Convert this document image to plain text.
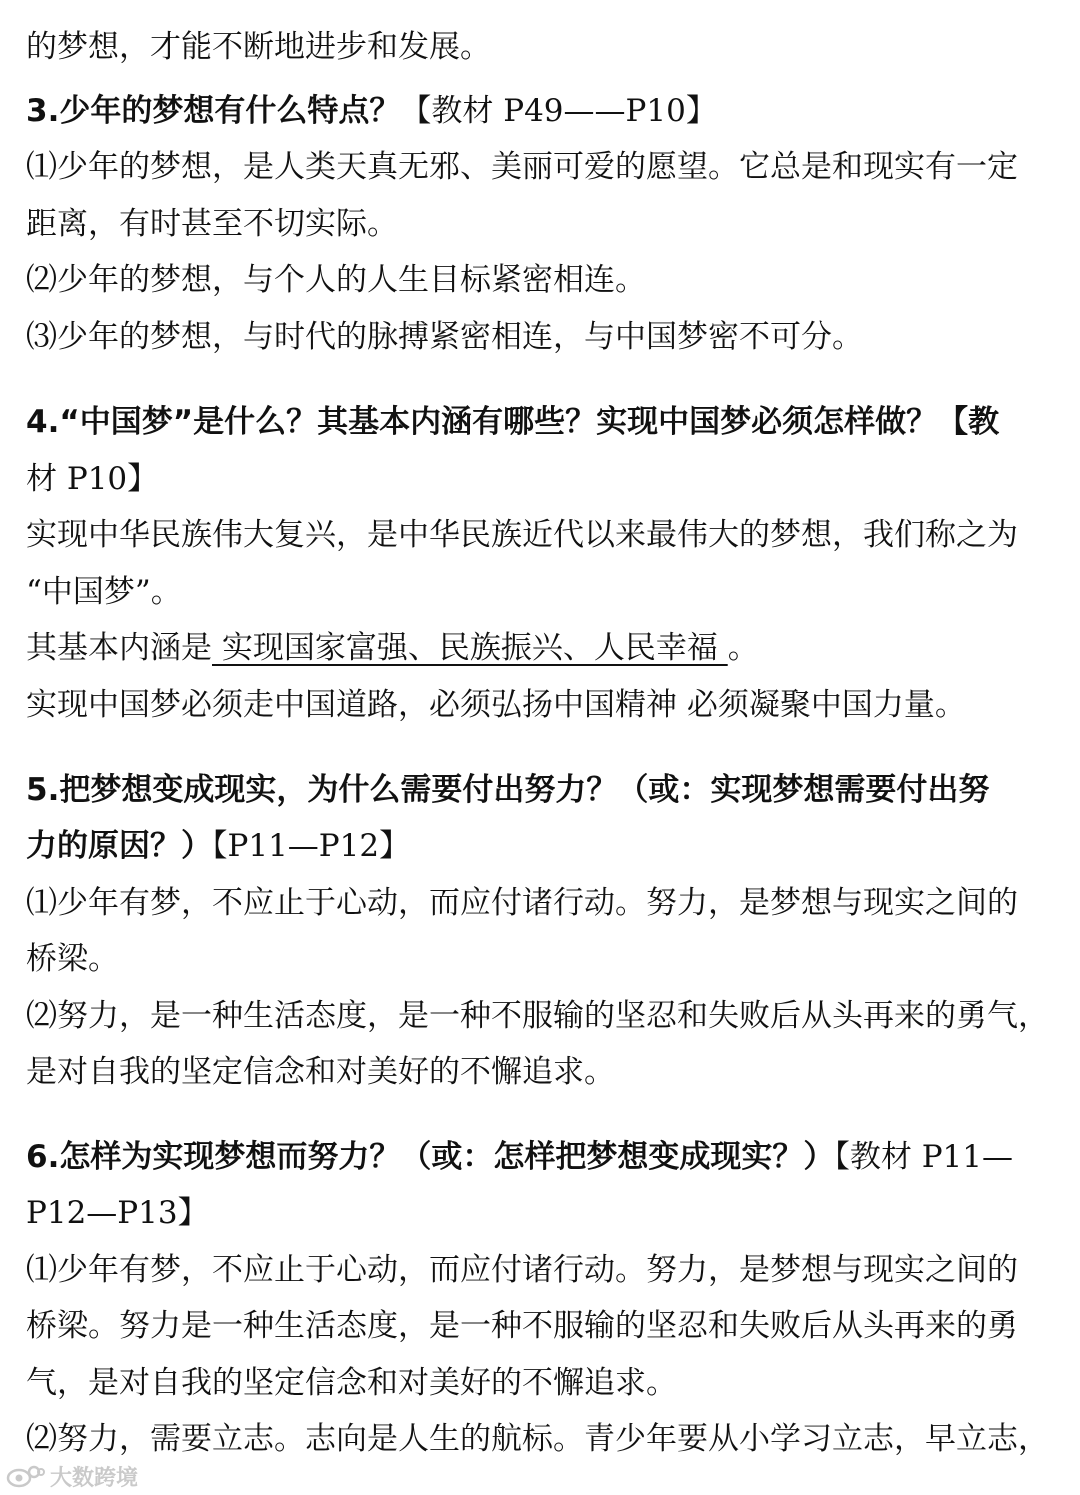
的梦想，才能不断地进步和发展。
3.少年的梦想有什么特点？【教材 P49——P10】
⑴少年的梦想，是人类天真无邪、美丽可爱的愿望。它总是和现实有一定
距离，有时甚至不切实际。
⑵少年的梦想，与个人的人生目标紧密相连。
⑶少年的梦想，与时代的脉搏紧密相连，与中国梦密不可分。
4.“中国梦”是什么？其基本内涵有哪些？实现中国梦必须怎样做？【教
材 P10】
实现中华民族伟大复兴，是中华民族近代以来最伟大的梦想，我们称之为
“中国梦”。
其基本内涵是 实现国家富强、民族振兴、人民幸福 。
实现中国梦必须走中国道路，必须弘扬中国精神 必须凝聚中国力量。
5.把梦想变成现实，为什么需要付出努力？（或：实现梦想需要付出努
力的原因？）【P11—P12】
⑴少年有梦，不应止于心动，而应付诸行动。努力，是梦想与现实之间的
桥梁。
⑵努力，是一种生活态度，是一种不服输的坚忍和失败后从头再来的勇气，
是对自我的坚定信念和对美好的不懈追求。
6.怎样为实现梦想而努力？（或：怎样把梦想变成现实？）【教材 P11—
P12—P13】
⑴少年有梦，不应止于心动，而应付诸行动。努力，是梦想与现实之间的
桥梁。努力是一种生活态度，是一种不服输的坚忍和失败后从头再来的勇
气，是对自我的坚定信念和对美好的不懈追求。
⑵努力，需要立志。志向是人生的航标。青少年要从小学习立志，早立志，
大数跨境
